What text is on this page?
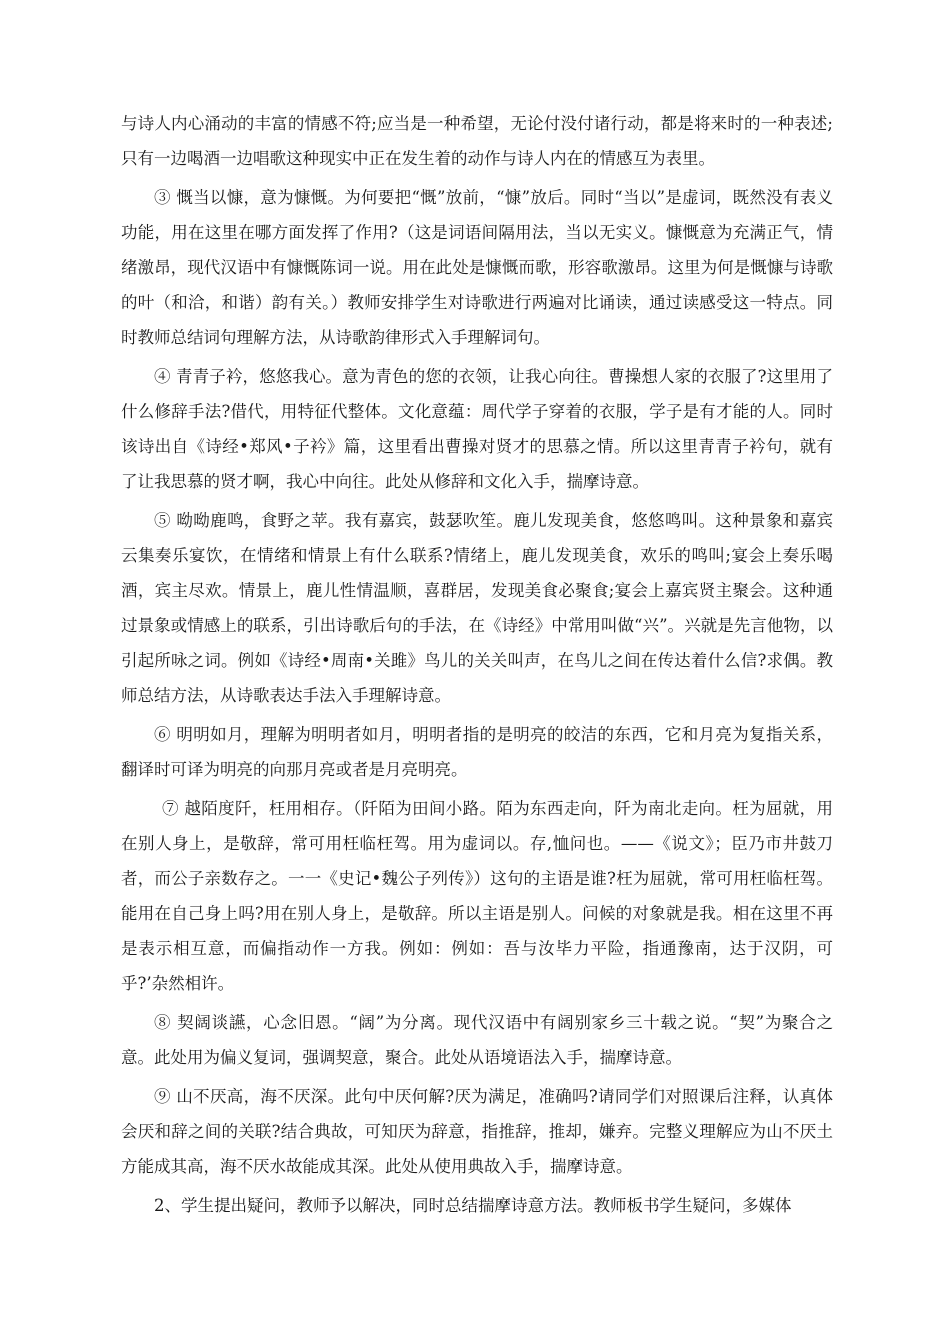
与诗人内心涌动的丰富的情感不符;应当是一种希望，无论付没付诸行动，都是将来时的一种表述;只有一边喝酒一边唱歌这种现实中正在发生着的动作与诗人内在的情感互为表里。

③ 慨当以慷，意为慷慨。为何要把“慨”放前，“慷”放后。同时“当以”是虚词，既然没有表义功能，用在这里在哪方面发挥了作用?（这是词语间隔用法，当以无实义。慷慨意为充满正气，情绪激昂，现代汉语中有慷慨陈词一说。用在此处是慷慨而歌，形容歌激昂。这里为何是慨慷与诗歌的叶（和洽，和谐）韵有关。）教师安排学生对诗歌进行两遍对比诵读，通过读感受这一特点。同时教师总结词句理解方法，从诗歌韵律形式入手理解词句。

④ 青青子衿，悠悠我心。意为青色的您的衣领，让我心向往。曹操想人家的衣服了?这里用了什么修辞手法?借代，用特征代整体。文化意蕴：周代学子穿着的衣服，学子是有才能的人。同时该诗出自《诗经•郑风•子衿》篇，这里看出曹操对贤才的思慕之情。所以这里青青子衿句，就有了让我思慕的贤才啊，我心中向往。此处从修辞和文化入手，揣摩诗意。

⑤ 呦呦鹿鸣，食野之苹。我有嘉宾，鼓瑟吹笙。鹿儿发现美食，悠悠鸣叫。这种景象和嘉宾云集奏乐宴饮，在情绪和情景上有什么联系?情绪上，鹿儿发现美食，欢乐的鸣叫;宴会上奏乐喝酒，宾主尽欢。情景上，鹿儿性情温顺，喜群居，发现美食必聚食;宴会上嘉宾贤主聚会。这种通过景象或情感上的联系，引出诗歌后句的手法，在《诗经》中常用叫做“兴”。兴就是先言他物，以引起所咏之词。例如《诗经•周南•关雎》鸟儿的关关叫声，在鸟儿之间在传达着什么信?求偶。教师总结方法，从诗歌表达手法入手理解诗意。

⑥ 明明如月，理解为明明者如月，明明者指的是明亮的皎洁的东西，它和月亮为复指关系，翻译时可译为明亮的向那月亮或者是月亮明亮。

⑦ 越陌度阡，枉用相存。（阡陌为田间小路。陌为东西走向，阡为南北走向。枉为屈就，用在别人身上，是敬辞，常可用枉临枉驾。用为虚词以。存,恤问也。——《说文》；臣乃市井鼓刀者，而公子亲数存之。一一《史记•魏公子列传》）这句的主语是谁?枉为屈就，常可用枉临枉驾。能用在自己身上吗?用在别人身上，是敬辞。所以主语是别人。问候的对象就是我。相在这里不再是表示相互意，而偏指动作一方我。例如：例如：吾与汝毕力平险，指通豫南，达于汉阴，可乎?’杂然相许。

⑧ 契阔谈讌，心念旧恩。“阔”为分离。现代汉语中有阔别家乡三十载之说。“契”为聚合之意。此处用为偏义复词，强调契意，聚合。此处从语境语法入手，揣摩诗意。

⑨ 山不厌高，海不厌深。此句中厌何解?厌为满足，准确吗?请同学们对照课后注释，认真体会厌和辞之间的关联?结合典故，可知厌为辞意，指推辞，推却，嫌弃。完整义理解应为山不厌土方能成其高，海不厌水故能成其深。此处从使用典故入手，揣摩诗意。

2、学生提出疑问，教师予以解决，同时总结揣摩诗意方法。教师板书学生疑问，多媒体
